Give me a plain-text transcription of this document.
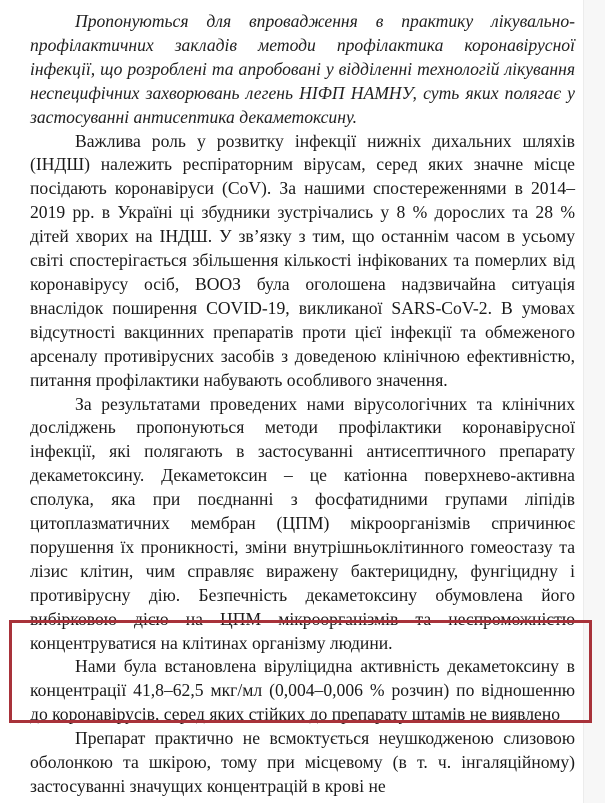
Пропонуються для впровадження в практику лікувально-профілактичних закладів методи профілактика коронавірусної інфекції, що розроблені та апробовані у відділенні технологій лікування неспецифічних захворювань легень НІФП НАМНУ, суть яких полягає у застосуванні антисептика декаметоксину.

Важлива роль у розвитку інфекції нижніх дихальних шляхів (ІНДШ) належить респіраторним вірусам, серед яких значне місце посідають коронавіруси (CoV). За нашими спостереженнями в 2014–2019 рр. в Україні ці збудники зустрічались у 8 % дорослих та 28 % дітей хворих на ІНДШ. У зв’язку з тим, що останнім часом в усьому світі спостерігається збільшення кількості інфікованих та померлих від коронавірусу осіб, ВООЗ була оголошена надзвичайна ситуація внаслідок поширення COVID-19, викликаної SARS-CoV-2. В умовах відсутності вакцинних препаратів проти цієї інфекції та обмеженого арсеналу противірусних засобів з доведеною клінічною ефективністю, питання профілактики набувають особливого значення.

За результатами проведених нами вірусологічних та клінічних досліджень пропонуються методи профілактики коронавірусної інфекції, які полягають в застосуванні антисептичного препарату декаметоксину. Декаметоксин – це катіонна поверхнево-активна сполука, яка при поєднанні з фосфатидними групами ліпідів цитоплазматичних мембран (ЦПМ) мікроорганізмів спричинює порушення їх проникності, зміни внутрішньоклітинного гомеостазу та лізис клітин, чим справляє виражену бактерицидну, фунгіцидну і противірусну дію. Безпечність декаметоксину обумовлена його вибірковою дією на ЦПМ мікроорганізмів та неспроможністю концентруватися на клітинах організму людини.

Нами була встановлена віруліцидна активність декаметоксину в концентрації 41,8–62,5 мкг/мл (0,004–0,006 % розчин) по відношенню до коронавірусів, серед яких стійких до препарату штамів не виявлено

Препарат практично не всмоктується неушкодженою слизовою оболонкою та шкірою, тому при місцевому (в т. ч. інгаляційному) застосуванні значущих концентрацій в крові не
